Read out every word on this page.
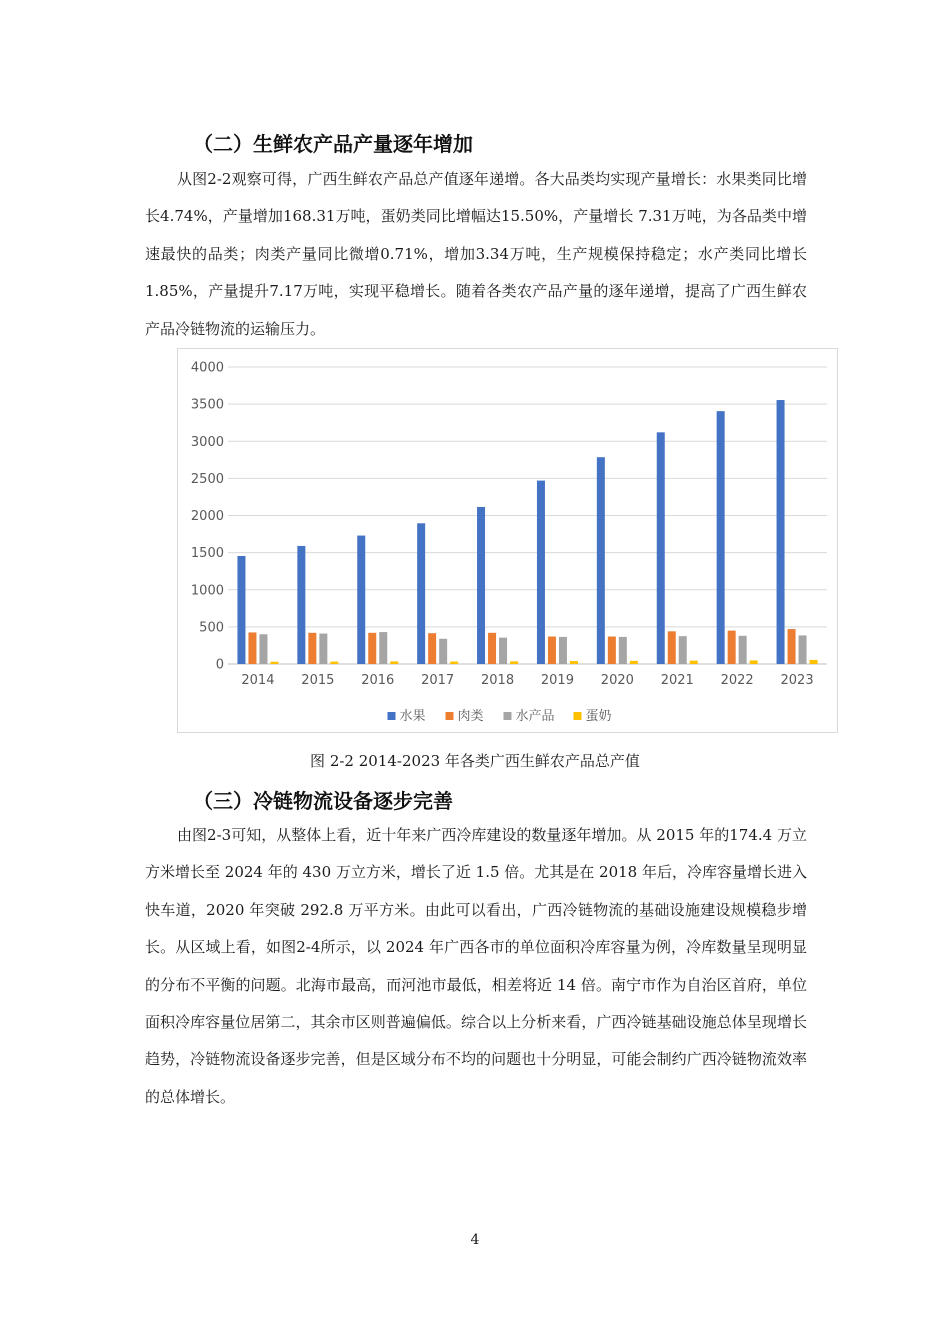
（二）生鲜农产品产量逐年增加

从图2-2观察可得，广西生鲜农产品总产值逐年递增。各大品类均实现产量增长：水果类同比增长4.74%，产量增加168.31万吨，蛋奶类同比增幅达15.50%，产量增长 7.31万吨，为各品类中增速最快的品类；肉类产量同比微增0.71%，增加3.34万吨，生产规模保持稳定；水产类同比增长1.85%，产量提升7.17万吨，实现平稳增长。随着各类农产品产量的逐年递增，提高了广西生鲜农产品冷链物流的运输压力。

0
500
1000
1500
2000
2500
3000
3500
4000
2014 2015 2016 2017 2018 2019 2020 2021 2022 2023
水果 肉类 水产品 蛋奶
图 2-2 2014-2023 年各类广西生鲜农产品总产值
（三）冷链物流设备逐步完善

由图2-3可知，从整体上看，近十年来广西冷库建设的数量逐年增加。从 2015 年的174.4 万立方米增长至 2024 年的 430 万立方米，增长了近 1.5 倍。尤其是在 2018 年后，冷库容量增长进入快车道，2020 年突破 292.8 万平方米。由此可以看出，广西冷链物流的基础设施建设规模稳步增长。从区域上看，如图2-4所示，以 2024 年广西各市的单位面积冷库容量为例，冷库数量呈现明显的分布不平衡的问题。北海市最高，而河池市最低，相差将近 14 倍。南宁市作为自治区首府，单位面积冷库容量位居第二，其余市区则普遍偏低。综合以上分析来看，广西冷链基础设施总体呈现增长趋势，冷链物流设备逐步完善，但是区域分布不均的问题也十分明显，可能会制约广西冷链物流效率的总体增长。

4
